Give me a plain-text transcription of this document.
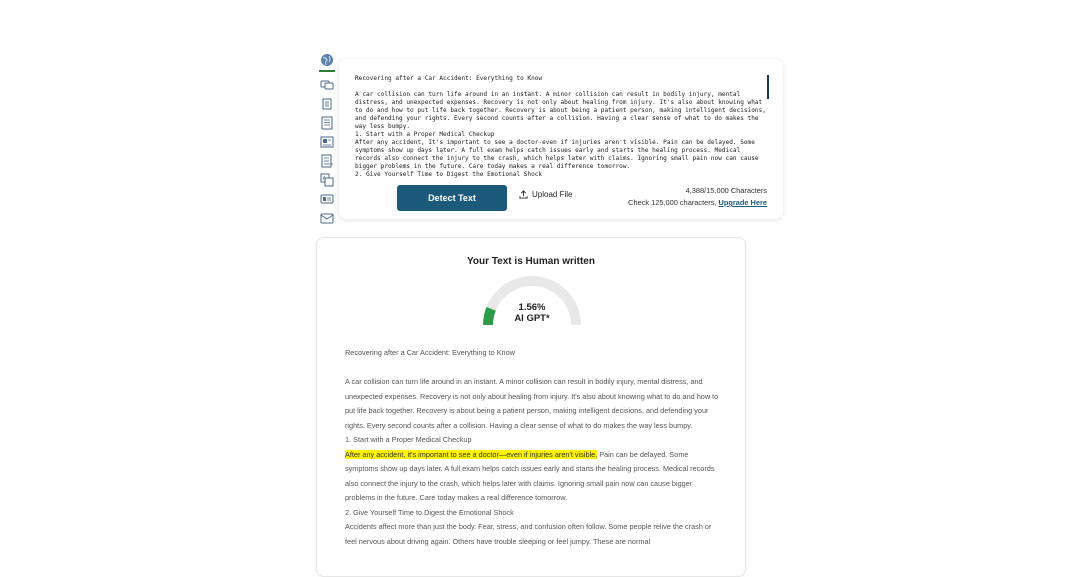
A
Recovering after a Car Accident: Everything to Know

A car collision can turn life around in an instant. A minor collision can result in bodily injury, mental distress, and unexpected expenses. Recovery is not only about healing from injury. It's also about knowing what to do and how to put life back together. Recovery is about being a patient person, making intelligent decisions, and defending your rights. Every second counts after a collision. Having a clear sense of what to do makes the way less bumpy.
1. Start with a Proper Medical Checkup
After any accident, It's important to see a doctor-even if injuries aren't visible. Pain can be delayed. Some symptoms show up days later. A full exam helps catch issues early and starts the healing process. Medical records also connect the injury to the crash, which helps later with claims. Ignoring small pain now can cause bigger problems in the future. Care today makes a real difference tomorrow.
2. Give Yourself Time to Digest the Emotional Shock
Detect Text	Upload File	4,388/15,000 Characters
Check 125,000 characters, Upgrade Here
Your Text is Human written
1.56%
AI GPT*
Recovering after a Car Accident: Everything to Know
A car collision can turn life around in an instant. A minor collision can result in bodily injury, mental distress, and unexpected expenses. Recovery is not only about healing from injury. It's also about knowing what to do and how to put life back together. Recovery is about being a patient person, making intelligent decisions, and defending your rights. Every second counts after a collision. Having a clear sense of what to do makes the way less bumpy.
1. Start with a Proper Medical Checkup
After any accident, it's important to see a doctor—even if injuries aren't visible. Pain can be delayed. Some symptoms show up days later. A full exam helps catch issues early and starts the healing process. Medical records also connect the injury to the crash, which helps later with claims. Ignoring small pain now can cause bigger problems in the future. Care today makes a real difference tomorrow.
2. Give Yourself Time to Digest the Emotional Shock
Accidents affect more than just the body. Fear, stress, and confusion often follow. Some people relive the crash or feel nervous about driving again. Others have trouble sleeping or feel jumpy. These are normal
